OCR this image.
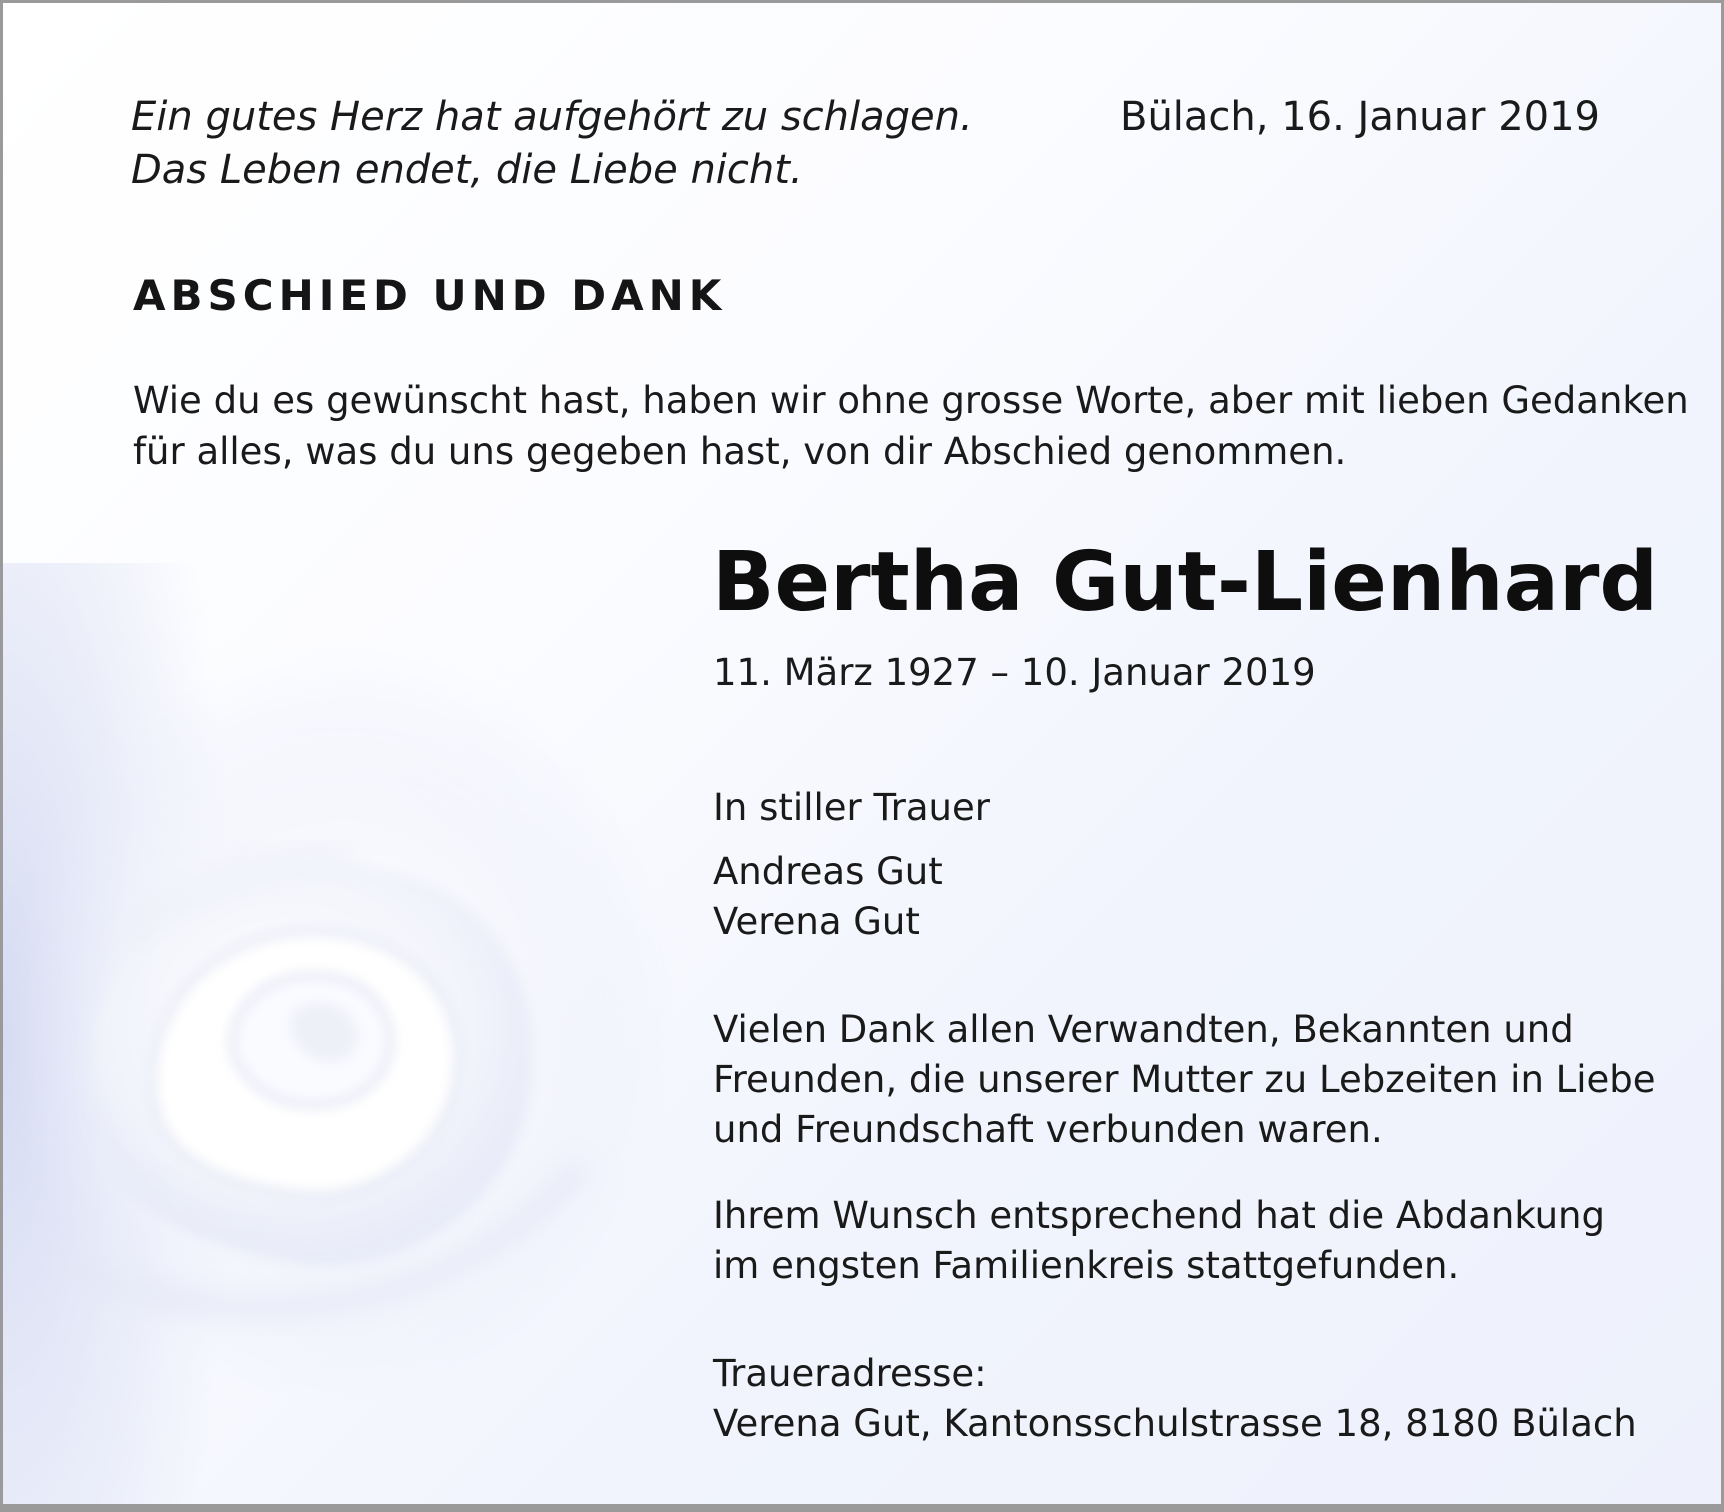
Ein gutes Herz hat aufgehört zu schlagen.
Das Leben endet, die Liebe nicht.
Bülach, 16. Januar 2019
ABSCHIED UND DANK
Wie du es gewünscht hast, haben wir ohne grosse Worte, aber mit lieben Gedanken
für alles, was du uns gegeben hast, von dir Abschied genommen.
Bertha Gut-Lienhard
11. März 1927 – 10. Januar 2019
In stiller Trauer
Andreas Gut
Verena Gut
Vielen Dank allen Verwandten, Bekannten und
Freunden, die unserer Mutter zu Lebzeiten in Liebe
und Freundschaft verbunden waren.
Ihrem Wunsch entsprechend hat die Abdankung
im engsten Familienkreis stattgefunden.
Traueradresse:
Verena Gut, Kantonsschulstrasse 18, 8180 Bülach
